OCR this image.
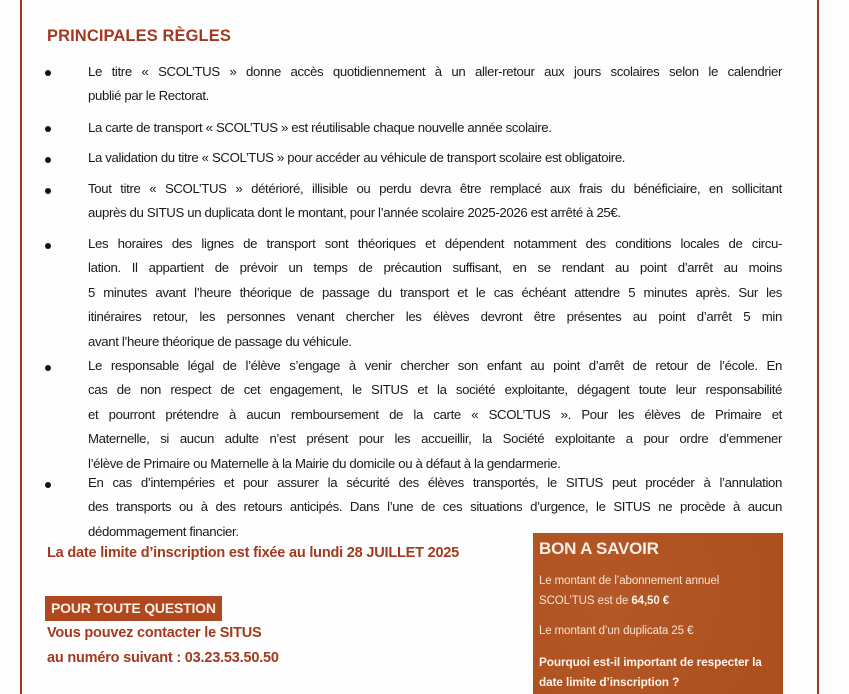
PRINCIPALES RÈGLES
Le titre « SCOL’TUS » donne accès quotidiennement à un aller-retour aux jours scolaires selon le calendrier
publié par le Rectorat.
La carte de transport « SCOL’TUS » est réutilisable chaque nouvelle année scolaire.
La validation du titre « SCOL’TUS » pour accéder au véhicule de transport scolaire est obligatoire.
Tout titre « SCOL’TUS » détérioré, illisible ou perdu devra être remplacé aux frais du bénéficiaire, en sollicitant
auprès du SITUS un duplicata dont le montant, pour l’année scolaire 2025-2026 est arrêté à 25€.
Les horaires des lignes de transport sont théoriques et dépendent notamment des conditions locales de circu-
lation. Il appartient de prévoir un temps de précaution suffisant, en se rendant au point d’arrêt au moins
5 minutes avant l’heure théorique de passage du transport et le cas échéant attendre 5 minutes après. Sur les
itinéraires retour, les personnes venant chercher les élèves devront être présentes au point d’arrêt 5 min
avant l’heure théorique de passage du véhicule.
Le responsable légal de l’élève s’engage à venir chercher son enfant au point d’arrêt de retour de l’école. En
cas de non respect de cet engagement, le SITUS et la société exploitante, dégagent toute leur responsabilité
et pourront prétendre à aucun remboursement de la carte « SCOL’TUS ». Pour les élèves de Primaire et
Maternelle, si aucun adulte n’est présent pour les accueillir, la Société exploitante a pour ordre d’emmener
l’élève de Primaire ou Maternelle à la Mairie du domicile ou à défaut à la gendarmerie.
En cas d’intempéries et pour assurer la sécurité des élèves transportés, le SITUS peut procéder à l’annulation
des transports ou à des retours anticipés. Dans l’une de ces situations d’urgence, le SITUS ne procède à aucun
dédommagement financier.
La date limite d’inscription est fixée au lundi 28 JUILLET 2025
POUR TOUTE QUESTION
Vous pouvez contacter le SITUS
au numéro suivant : 03.23.53.50.50
BON A SAVOIR
Le montant de l’abonnement annuel
SCOL’TUS est de 64,50 €
Le montant d’un duplicata 25 €
Pourquoi est-il important de respecter la
date limite d’inscription ?
